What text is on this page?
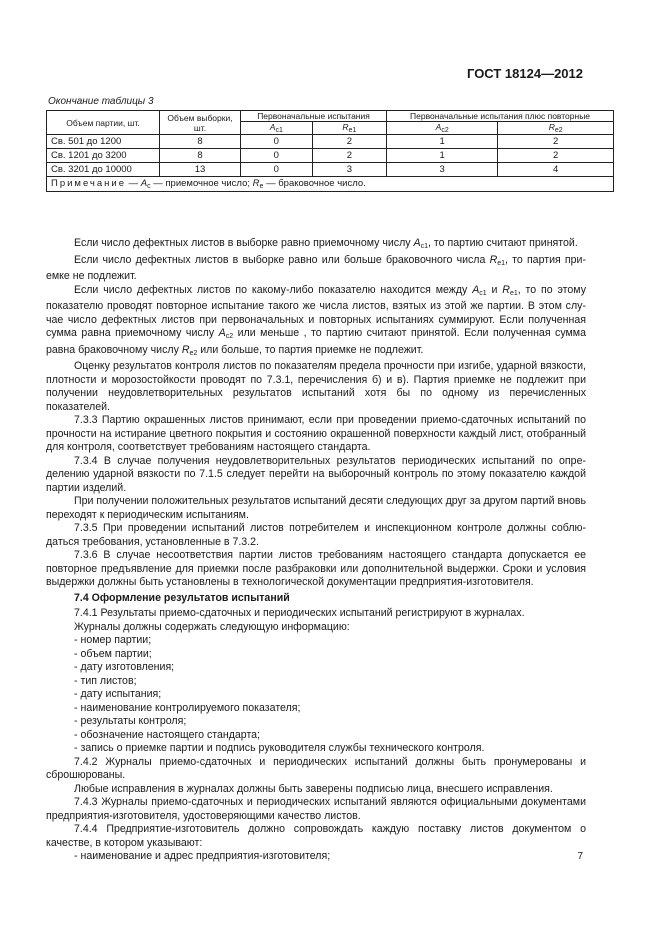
ГОСТ 18124—2012
Окончание таблицы 3
Объем партии, шт.	Объем выборки, шт.	Первоначальные испытания		Первоначальные испытания плюс повторные	
		$A_{c1}$	$R_{e1}$	$A_{c2}$	$R_{e2}$
Св. 501 до 1200	8	0	2	1	2
Св. 1201 до 3200	8	0	2	1	2
Св. 3201 до 10000	13	0	3	3	4
Примечание — $A_c$ — приемочное число; $R_e$ — браковочное число.					

Если число дефектных листов в выборке равно приемочному числу $A_{c1}$, то партию считают принятой.

Если число дефектных листов в выборке равно или больше браковочного числа $R_{e1}$, то партия приемке не подлежит.

Если число дефектных листов по какому-либо показателю находится между $A_{c1}$ и $R_{e1}$, то по этому показателю проводят повторное испытание такого же числа листов, взятых из этой же партии. В этом случае число дефектных листов при первоначальных и повторных испытаниях суммируют. Если полученная сумма равна приемочному числу $A_{c2}$ или меньше , то партию считают принятой. Если полученная сумма равна браковочному числу $R_{e2}$ или больше, то партия приемке не подлежит.

Оценку результатов контроля листов по показателям предела прочности при изгибе, ударной вязкости, плотности и морозостойкости проводят по 7.3.1, перечисления б) и в). Партия приемке не подлежит при получении неудовлетворительных результатов испытаний хотя бы по одному из перечисленных показателей.

7.3.3 Партию окрашенных листов принимают, если при проведении приемо-сдаточных испытаний по прочности на истирание цветного покрытия и состоянию окрашенной поверхности каждый лист, отобранный для контроля, соответствует требованиям настоящего стандарта.

7.3.4 В случае получения неудовлетворительных результатов периодических испытаний по определению ударной вязкости по 7.1.5 следует перейти на выборочный контроль по этому показателю каждой партии изделий.

При получении положительных результатов испытаний десяти следующих друг за другом партий вновь переходят к периодическим испытаниям.

7.3.5 При проведении испытаний листов потребителем и инспекционном контроле должны соблюдаться требования, установленные в 7.3.2.

7.3.6 В случае несоответствия партии листов требованиям настоящего стандарта допускается ее повторное предъявление для приемки после разбраковки или дополнительной выдержки. Сроки и условия выдержки должны быть установлены в технологической документации предприятия-изготовителя.

7.4 Оформление результатов испытаний

7.4.1 Результаты приемо-сдаточных и периодических испытаний регистрируют в журналах.

Журналы должны содержать следующую информацию:

- номер партии;

- объем партии;

- дату изготовления;

- тип листов;

- дату испытания;

- наименование контролируемого показателя;

- результаты контроля;

- обозначение настоящего стандарта;

- запись о приемке партии и подпись руководителя службы технического контроля.

7.4.2 Журналы приемо-сдаточных и периодических испытаний должны быть пронумерованы и сброшюрованы.

Любые исправления в журналах должны быть заверены подписью лица, внесшего исправления.

7.4.3 Журналы приемо-сдаточных и периодических испытаний являются официальными документами предприятия-изготовителя, удостоверяющими качество листов.

7.4.4 Предприятие-изготовитель должно сопровождать каждую поставку листов документом о качестве, в котором указывают:

- наименование и адрес предприятия-изготовителя;	7
